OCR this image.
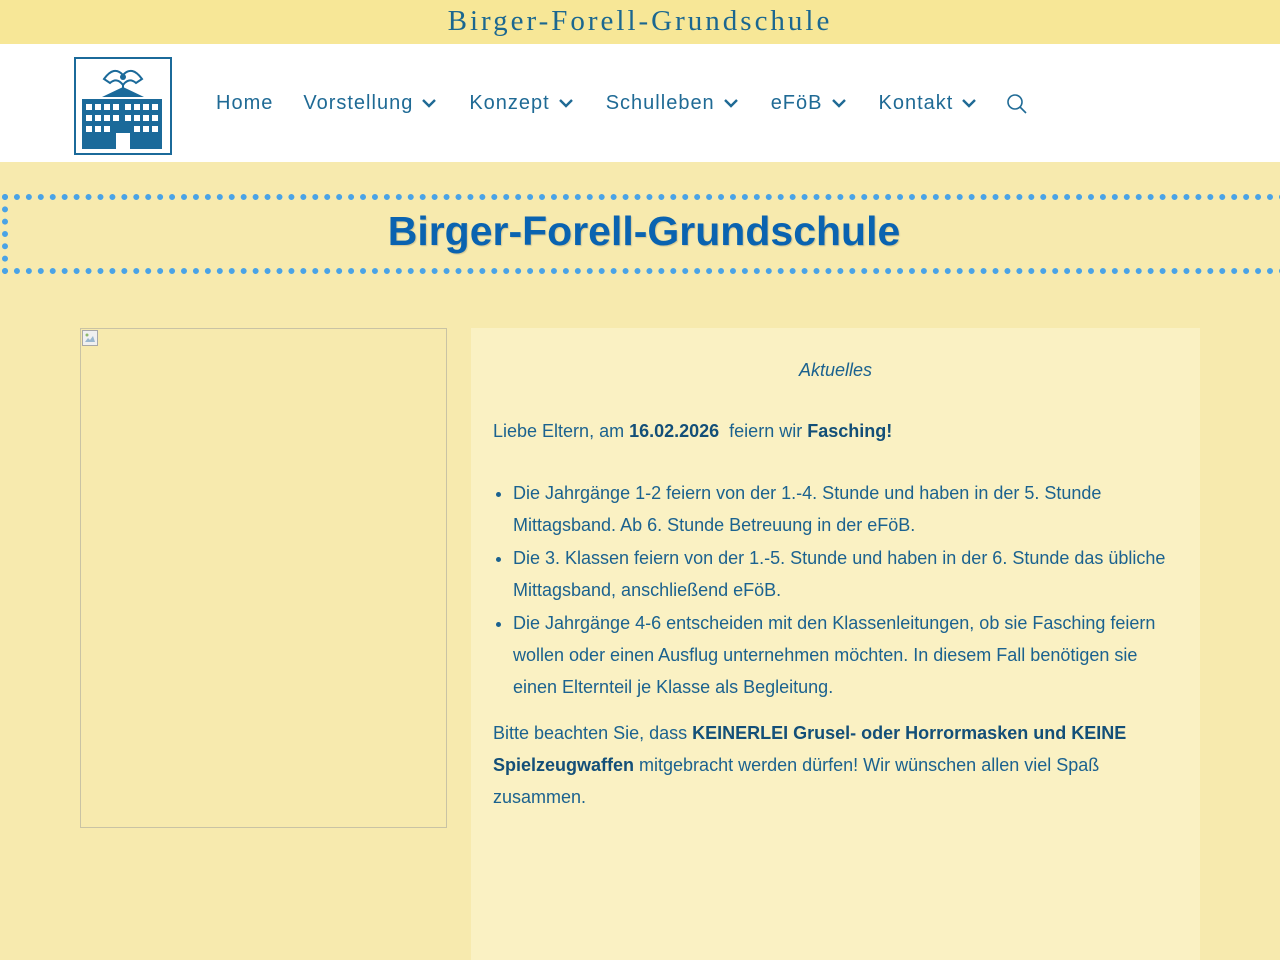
Birger-Forell-Grundschule
Home Vorstellung	Konzept	Schulleben	eFöB	Kontakt
Birger-Forell-Grundschule

Aktuelles

Liebe Eltern, am 16.02.2026  feiern wir Fasching!

• Die Jahrgänge 1-2 feiern von der 1.-4. Stunde und haben in der 5. Stunde Mittagsband. Ab 6. Stunde Betreuung in der eFöB.
• Die 3. Klassen feiern von der 1.-5. Stunde und haben in der 6. Stunde das übliche Mittagsband, anschließend eFöB.
• Die Jahrgänge 4-6 entscheiden mit den Klassenleitungen, ob sie Fasching feiern wollen oder einen Ausflug unternehmen möchten. In diesem Fall benötigen sie einen Elternteil je Klasse als Begleitung.

Bitte beachten Sie, dass KEINERLEI Grusel- oder Horrormasken und KEINE Spielzeugwaffen mitgebracht werden dürfen! Wir wünschen allen viel Spaß zusammen.
